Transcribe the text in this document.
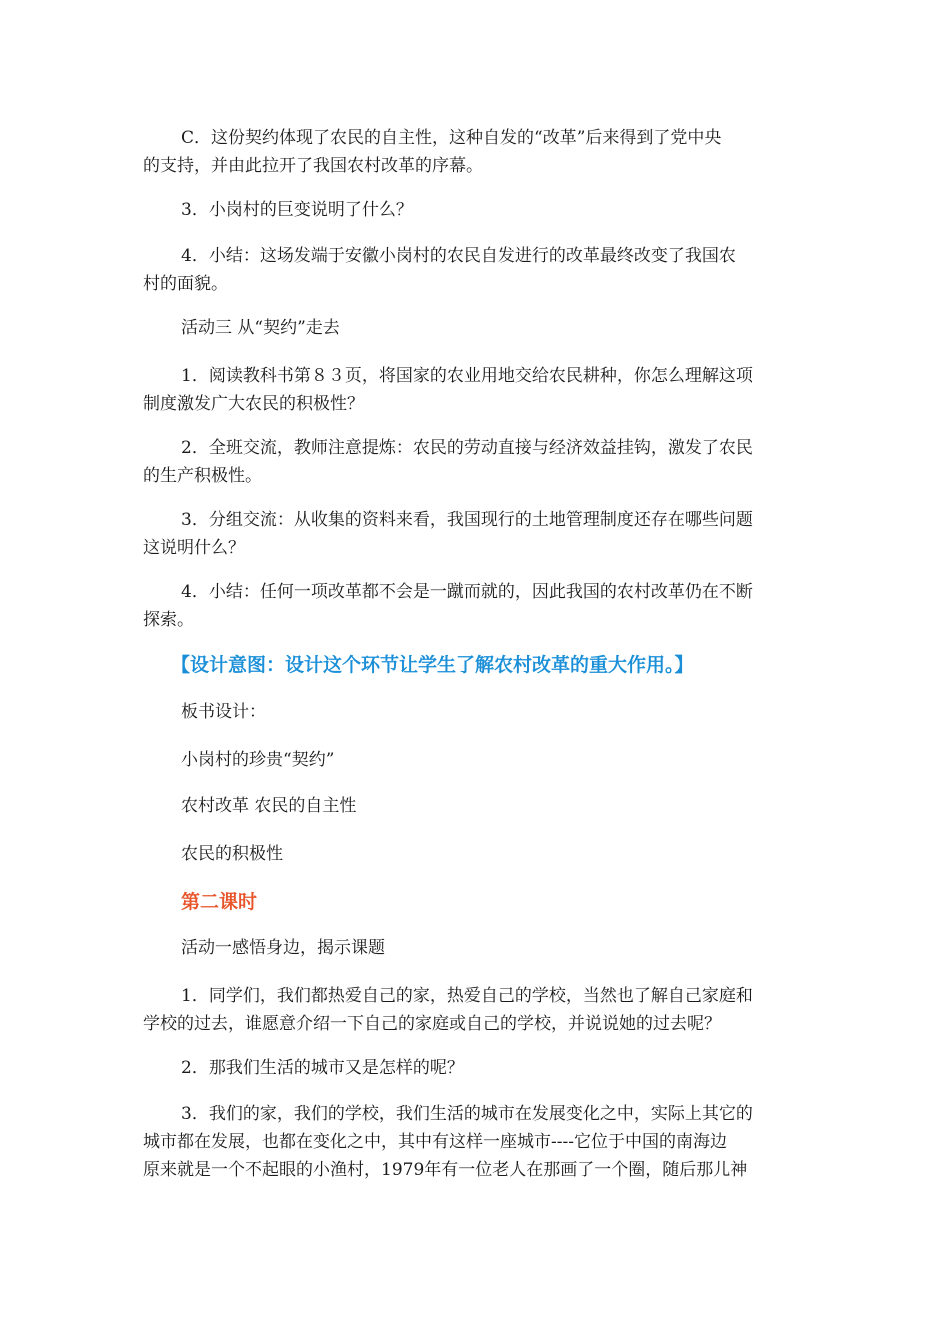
C．这份契约体现了农民的自主性，这种自发的“改革”后来得到了党中央
的支持，并由此拉开了我国农村改革的序幕。
3．小岗村的巨变说明了什么？
4．小结：这场发端于安徽小岗村的农民自发进行的改革最终改变了我国农
村的面貌。
活动三 从“契约”走去
1．阅读教科书第８３页，将国家的农业用地交给农民耕种，你怎么理解这项
制度激发广大农民的积极性？
2．全班交流，教师注意提炼：农民的劳动直接与经济效益挂钩，激发了农民
的生产积极性。
3．分组交流：从收集的资料来看，我国现行的土地管理制度还存在哪些问题
这说明什么？
4．小结：任何一项改革都不会是一蹴而就的，因此我国的农村改革仍在不断
探索。
【设计意图：设计这个环节让学生了解农村改革的重大作用。】
板书设计：
小岗村的珍贵“契约”
农村改革 农民的自主性
农民的积极性
第二课时
活动一感悟身边，揭示课题
1．同学们，我们都热爱自己的家，热爱自己的学校，当然也了解自己家庭和
学校的过去，谁愿意介绍一下自己的家庭或自己的学校，并说说她的过去呢？
2．那我们生活的城市又是怎样的呢？
3．我们的家，我们的学校，我们生活的城市在发展变化之中，实际上其它的
城市都在发展，也都在变化之中，其中有这样一座城市----它位于中国的南海边
原来就是一个不起眼的小渔村，1979年有一位老人在那画了一个圈，随后那儿神
